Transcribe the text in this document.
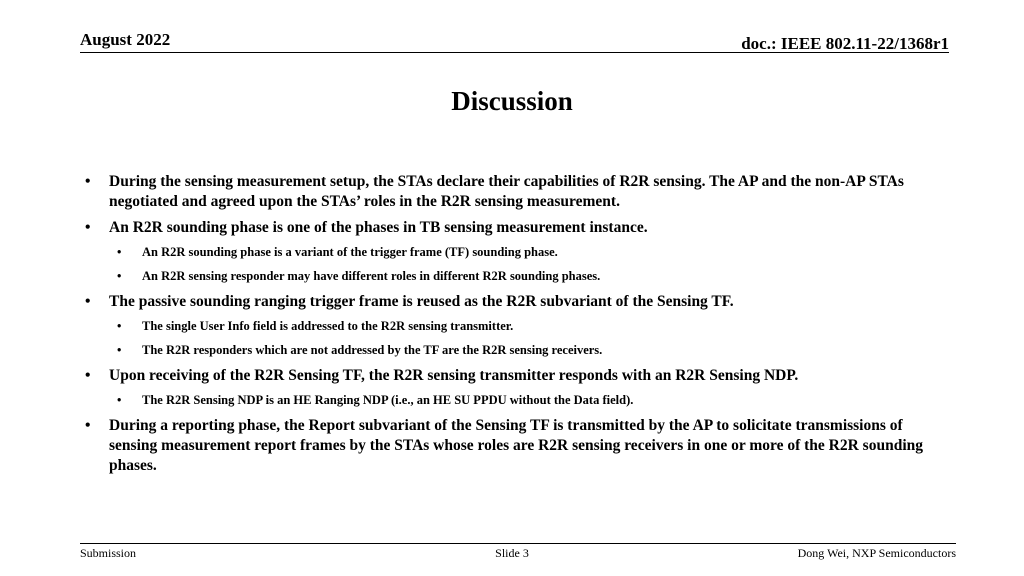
August 2022	doc.: IEEE 802.11-22/1368r1
Discussion
• During the sensing measurement setup, the STAs declare their capabilities of R2R sensing. The AP and the non-AP STAs negotiated and agreed upon the STAs’ roles in the R2R sensing measurement.
• An R2R sounding phase is one of the phases in TB sensing measurement instance.
• An R2R sounding phase is a variant of the trigger frame (TF) sounding phase.
• An R2R sensing responder may have different roles in different R2R sounding phases.
• The passive sounding ranging trigger frame is reused as the R2R subvariant of the Sensing TF.
• The single User Info field is addressed to the R2R sensing transmitter.
• The R2R responders which are not addressed by the TF are the R2R sensing receivers.
• Upon receiving of the R2R Sensing TF, the R2R sensing transmitter responds with an R2R Sensing NDP.
• The R2R Sensing NDP is an HE Ranging NDP (i.e., an HE SU PPDU without the Data field).
• During a reporting phase, the Report subvariant of the Sensing TF is transmitted by the AP to solicitate transmissions of sensing measurement report frames by the STAs whose roles are R2R sensing receivers in one or more of the R2R sounding phases.
Submission	Slide 3	Dong Wei, NXP Semiconductors
